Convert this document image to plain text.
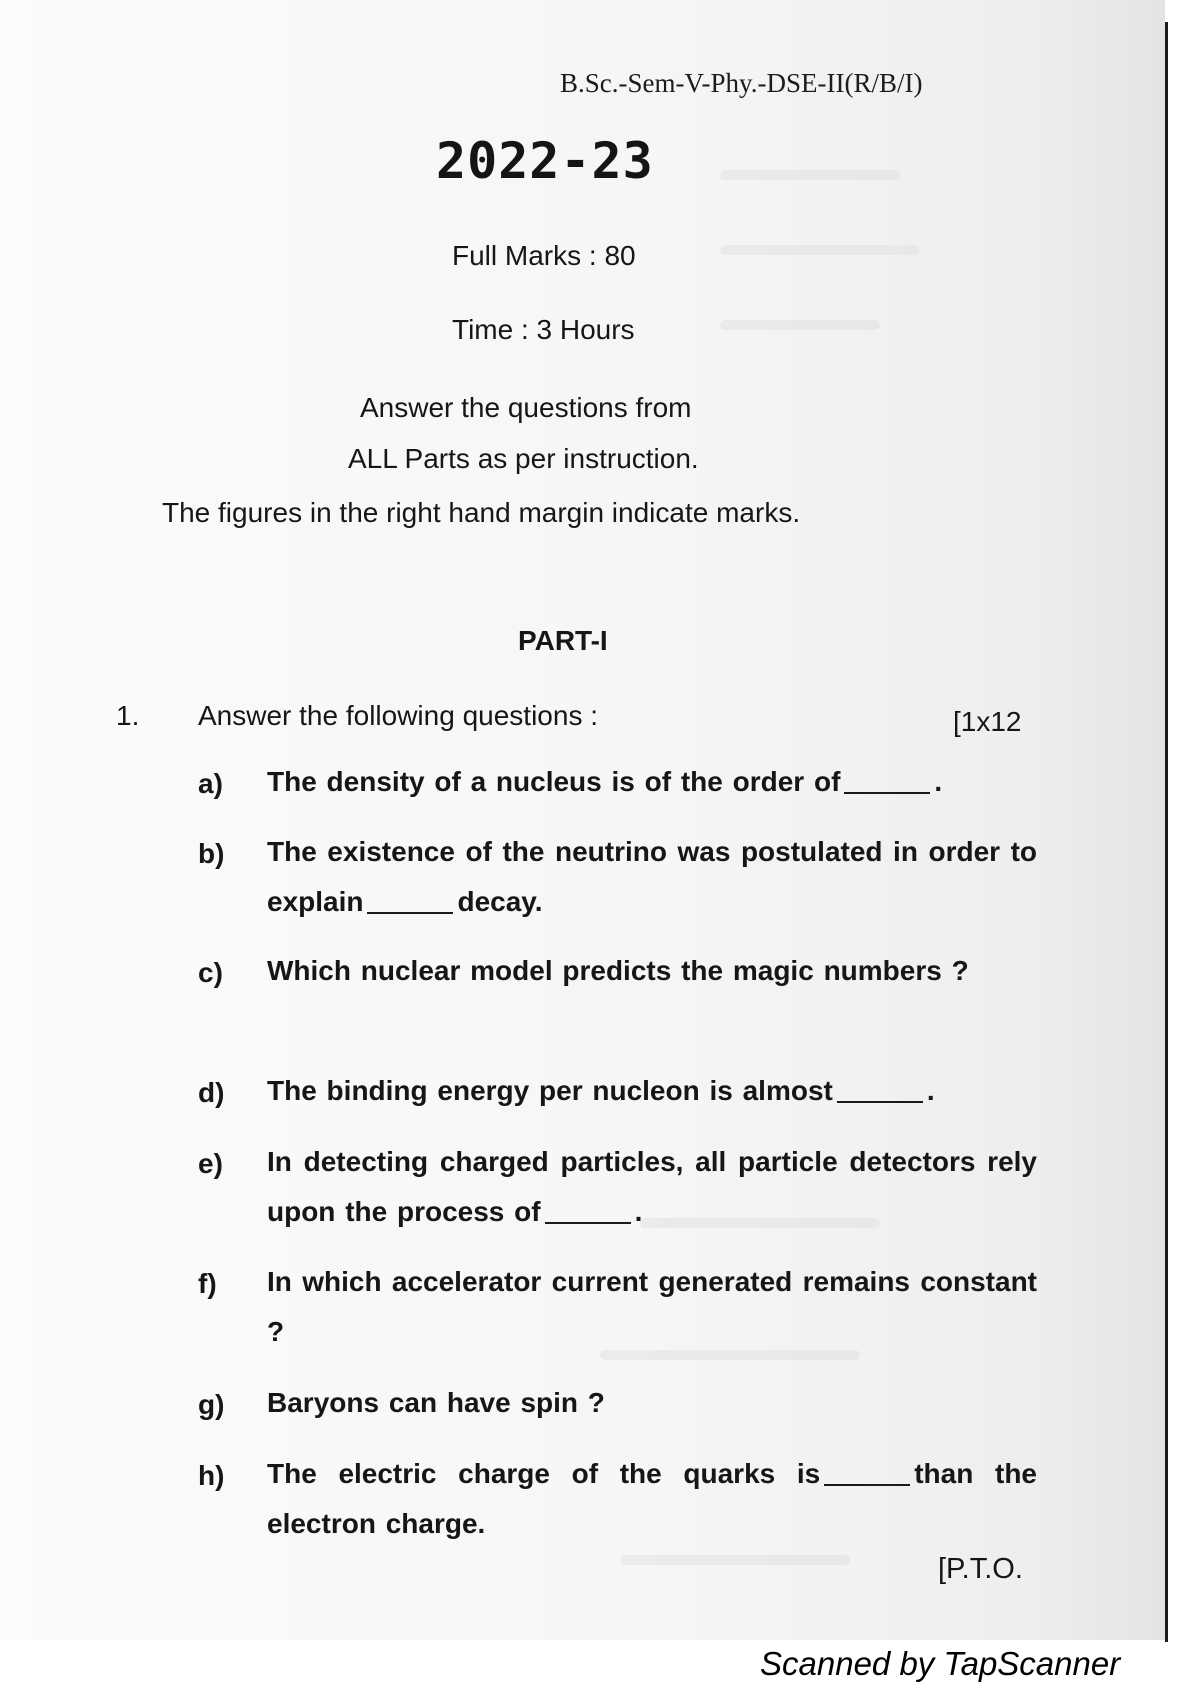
B.Sc.-Sem-V-Phy.-DSE-II(R/B/I)
2022-23
Full Marks : 80
Time : 3 Hours
Answer the questions from
ALL Parts as per instruction.
The figures in the right hand margin indicate marks.
PART-I
1. Answer the following questions :	[1x12
a) The density of a nucleus is of the order of	.
b) The existence of the neutrino was postulated in order to explain	decay.
c) Which nuclear model predicts the magic numbers ?
d) The binding energy per nucleon is almost	.
e) In detecting charged particles, all particle detectors rely upon the process of	.
f) In which accelerator current generated remains constant ?
g) Baryons can have spin ?
h) The electric charge of the quarks is	than the electron charge.
[P.T.O.
Scanned by TapScanner
